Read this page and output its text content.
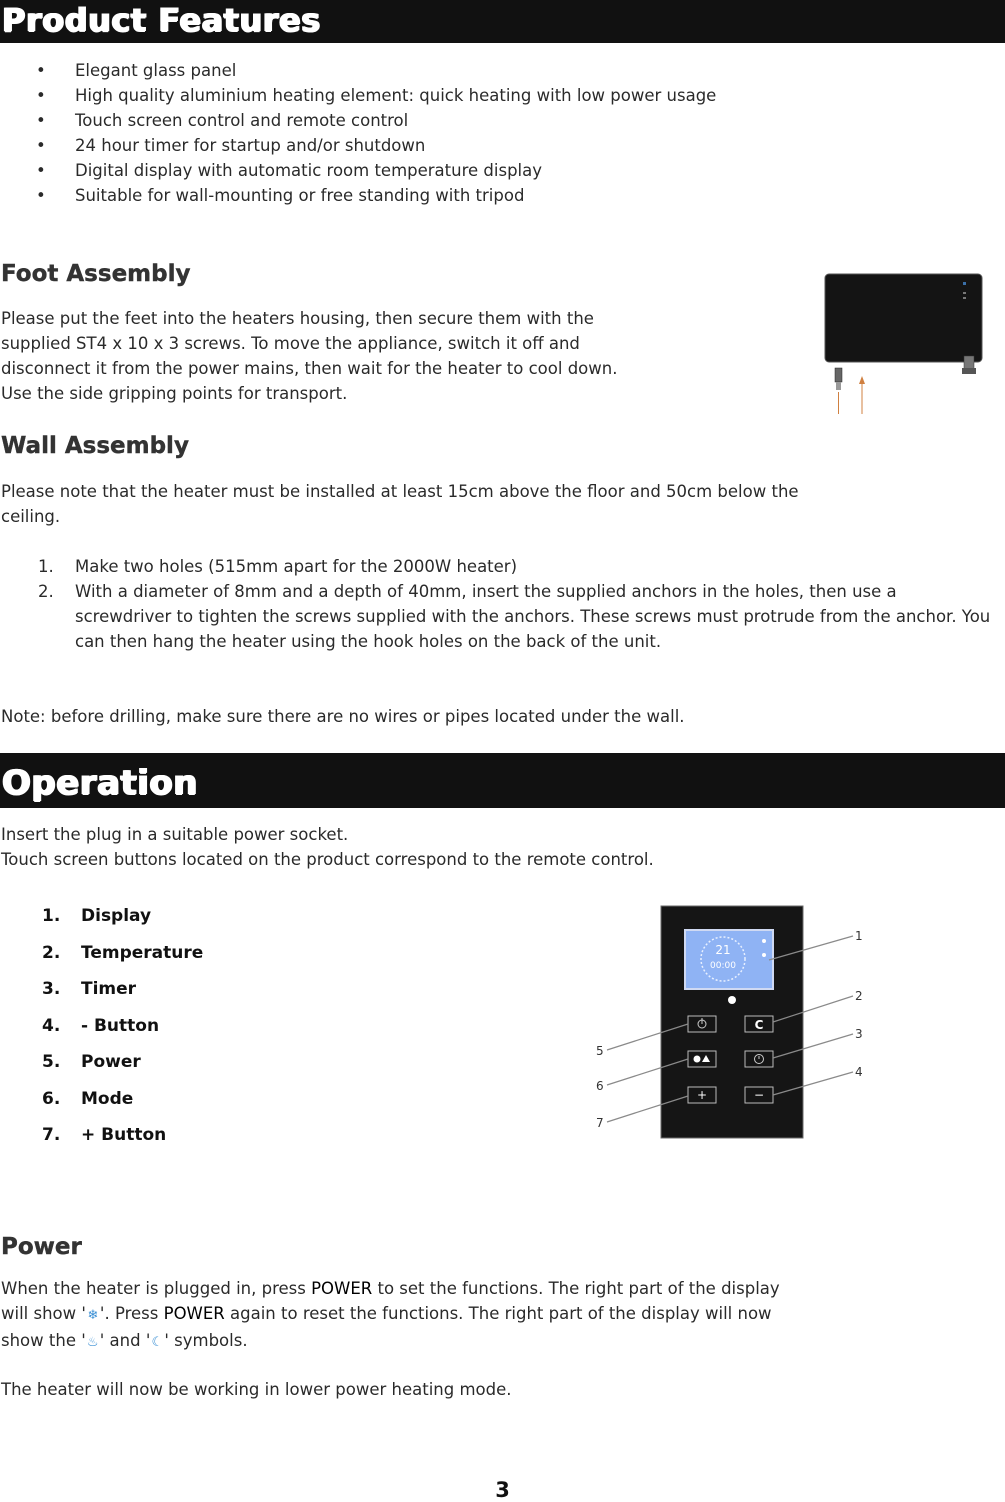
Product Features
• Elegant glass panel
• High quality aluminium heating element: quick heating with low power usage
• Touch screen control and remote control
• 24 hour timer for startup and/or shutdown
• Digital display with automatic room temperature display
• Suitable for wall-mounting or free standing with tripod
Foot Assembly

Please put the feet into the heaters housing, then secure them with the
supplied ST4 x 10 x 3 screws. To move the appliance, switch it off and
disconnect it from the power mains, then wait for the heater to cool down.
Use the side gripping points for transport.

Wall Assembly

Please note that the heater must be installed at least 15cm above the floor and 50cm below the
ceiling.

1. Make two holes (515mm apart for the 2000W heater)
2. With a diameter of 8mm and a depth of 40mm, insert the supplied anchors in the holes, then use a screwdriver to tighten the screws supplied with the anchors. These screws must protrude from the anchor. You can then hang the heater using the hook holes on the back of the unit.

Note: before drilling, make sure there are no wires or pipes located under the wall.

Operation

Insert the plug in a suitable power socket.
Touch screen buttons located on the product correspond to the remote control.

1. Display
2. Temperature
3. Timer
4. - Button
5. Power
6. Mode
7. + Button
21
00:00
C
+	−
1
2
3
4
5
6
7
Power

When the heater is plugged in, press POWER to set the functions. The right part of the display
will show ' ❄'. Press POWER again to reset the functions. The right part of the display will now
show the '♨' and '☾' symbols.

The heater will now be working in lower power heating mode.

3
